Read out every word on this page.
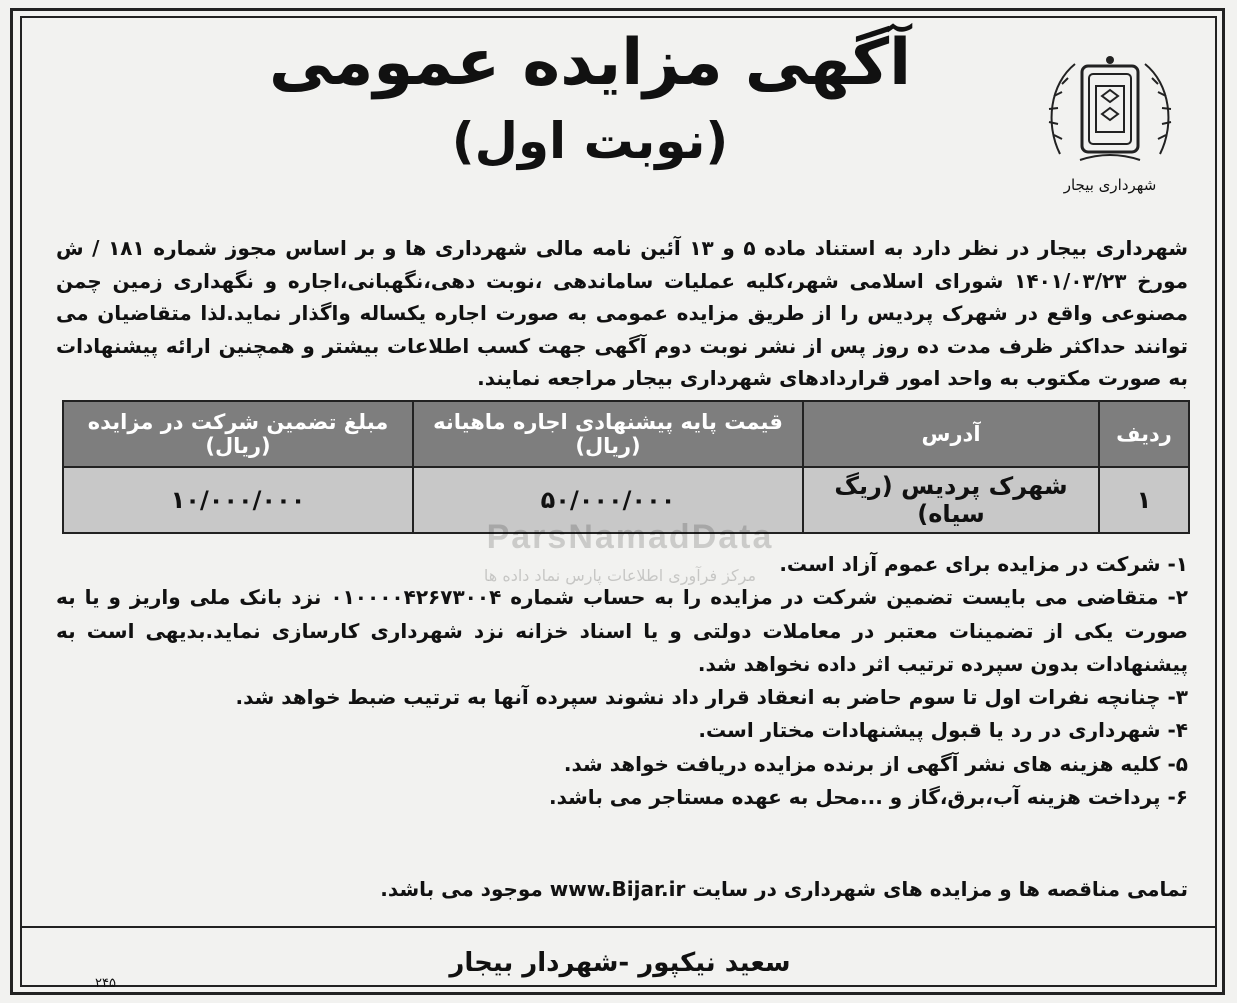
آگهی مزایده عمومی
(نوبت اول)
شهرداری بیجار

شهرداری بیجار در نظر دارد به استناد ماده ۵ و ۱۳ آئین نامه مالی شهرداری ها و بر اساس مجوز شماره ۱۸۱ / ش مورخ ۱۴۰۱/۰۳/۲۳ شورای اسلامی شهر،کلیه عملیات ساماندهی ،نوبت دهی،نگهبانی،اجاره و نگهداری زمین چمن مصنوعی واقع در شهرک پردیس را از طریق مزایده عمومی به صورت اجاره یکساله واگذار نماید.لذا متقاضیان می توانند حداکثر ظرف مدت ده روز پس از نشر نوبت دوم آگهی جهت کسب اطلاعات بیشتر و همچنین ارائه پیشنهادات به صورت مکتوب به واحد امور قراردادهای شهرداری بیجار مراجعه نمایند.

ردیف	آدرس	قیمت پایه پیشنهادی اجاره ماهیانه (ریال)	مبلغ تضمین شرکت در مزایده (ریال)
۱	شهرک پردیس (ریگ سیاه)	۵۰/۰۰۰/۰۰۰	۱۰/۰۰۰/۰۰۰
ParsNamadData
مرکز فرآوری اطلاعات پارس نماد داده ها	۱- شرکت در مزایده برای عموم آزاد است.
۲- متقاضی می بایست تضمین شرکت در مزایده را به حساب شماره ۰۱۰۰۰۰۴۲۶۷۳۰۰۴ نزد بانک ملی واریز و یا به صورت یکی از تضمینات معتبر در معاملات دولتی و یا اسناد خزانه نزد شهرداری کارسازی نماید.بدیهی است به پیشنهادات بدون سپرده ترتیب اثر داده نخواهد شد.
۳- چنانچه نفرات اول تا سوم حاضر به انعقاد قرار داد نشوند سپرده آنها به ترتیب ضبط خواهد شد.
۴- شهرداری در رد یا قبول پیشنهادات مختار است.
۵- کلیه هزینه های نشر آگهی از برنده مزایده دریافت خواهد شد.
۶- پرداخت هزینه آب،برق،گاز و ...محل به عهده مستاجر می باشد.
تمامی مناقصه ها و مزایده های شهرداری در سایت www.Bijar.ir موجود می باشد.
سعید نیکپور -شهردار بیجار
۲۴۵
